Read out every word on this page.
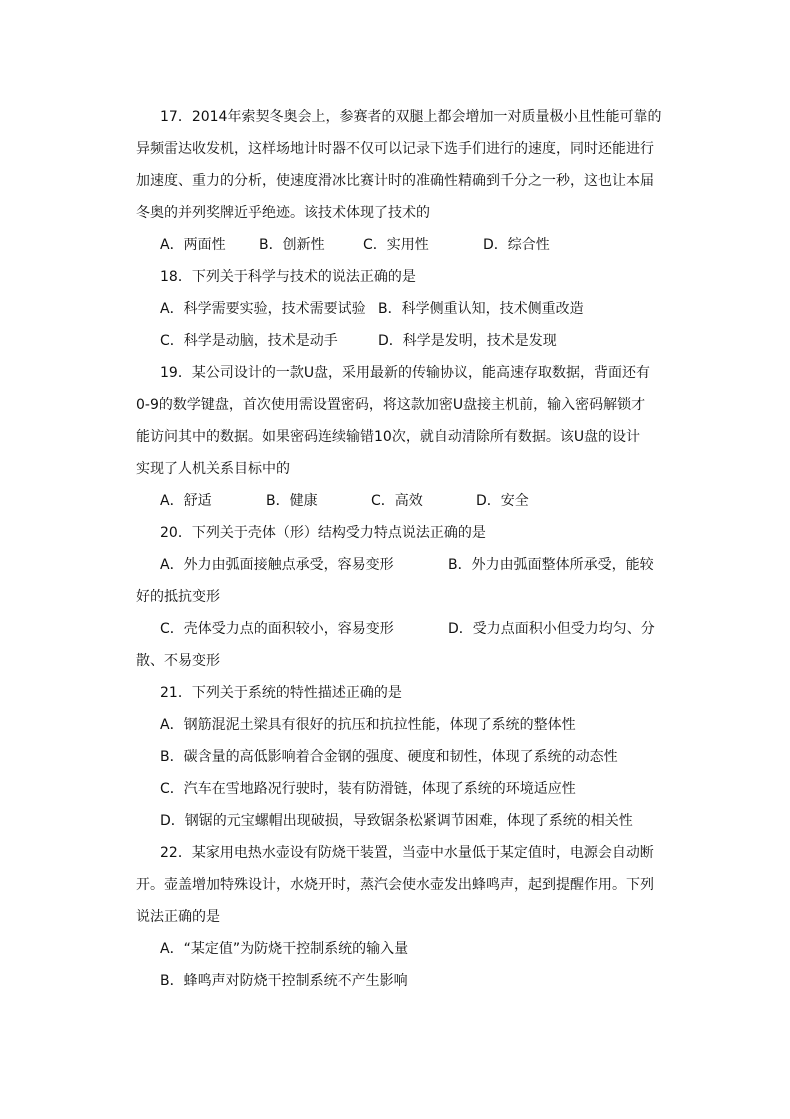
17．2014年索契冬奥会上，参赛者的双腿上都会增加一对质量极小且性能可靠的
异频雷达收发机，这样场地计时器不仅可以记录下选手们进行的速度，同时还能进行
加速度、重力的分析，使速度滑冰比赛计时的准确性精确到千分之一秒，这也让本届
冬奥的并列奖牌近乎绝迹。该技术体现了技术的
A．两面性 B．创新性	C．实用性	D．综合性
18．下列关于科学与技术的说法正确的是
A．科学需要实验，技术需要试验 B．科学侧重认知，技术侧重改造
C．科学是动脑，技术是动手	D．科学是发明，技术是发现
19．某公司设计的一款U盘，采用最新的传输协议，能高速存取数据，背面还有
0-9的数学键盘，首次使用需设置密码，将这款加密U盘接主机前，输入密码解锁才
能访问其中的数据。如果密码连续输错10次，就自动清除所有数据。该U盘的设计
实现了人机关系目标中的
A．舒适	B．健康	C．高效	D．安全
20．下列关于壳体（形）结构受力特点说法正确的是
A．外力由弧面接触点承受，容易变形	B．外力由弧面整体所承受，能较
好的抵抗变形
C．壳体受力点的面积较小，容易变形	D．受力点面积小但受力均匀、分
散、不易变形
21．下列关于系统的特性描述正确的是
A．钢筋混泥土梁具有很好的抗压和抗拉性能，体现了系统的整体性
B．碳含量的高低影响着合金钢的强度、硬度和韧性，体现了系统的动态性
C．汽车在雪地路况行驶时，装有防滑链，体现了系统的环境适应性
D．钢锯的元宝螺帽出现破损，导致锯条松紧调节困难，体现了系统的相关性
22．某家用电热水壶设有防烧干装置，当壶中水量低于某定值时，电源会自动断
开。壶盖增加特殊设计，水烧开时，蒸汽会使水壶发出蜂鸣声，起到提醒作用。下列
说法正确的是
A．“某定值”为防烧干控制系统的输入量
B．蜂鸣声对防烧干控制系统不产生影响
